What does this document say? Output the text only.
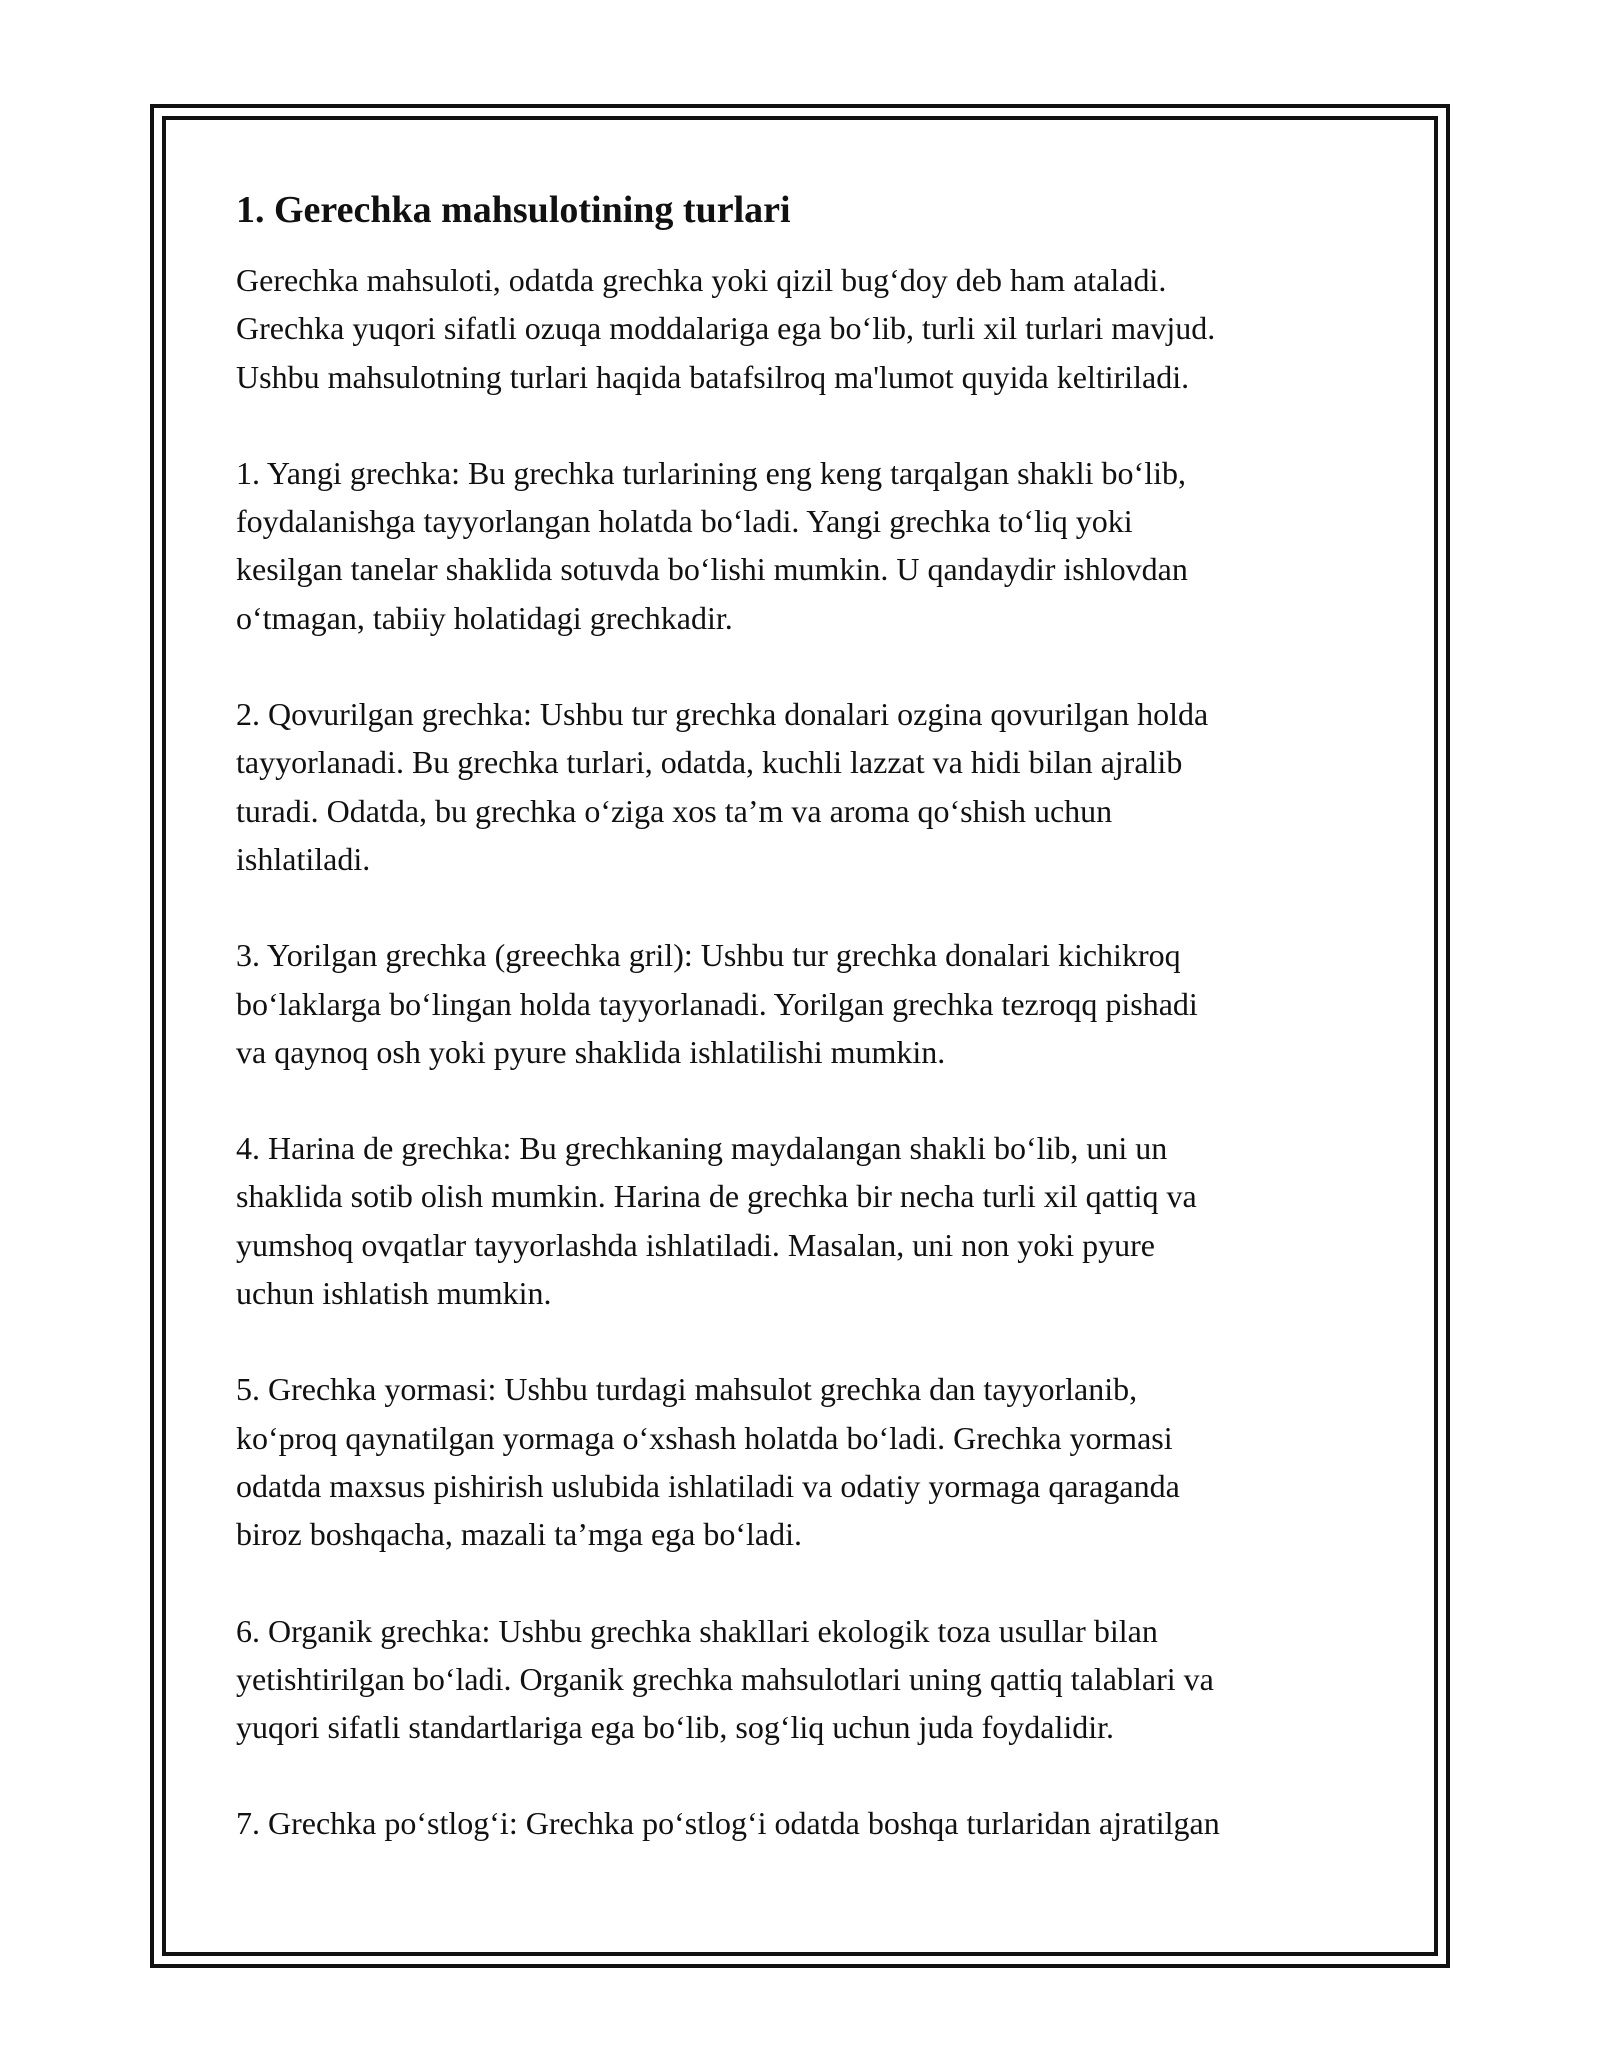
1. Gerechka mahsulotining turlari

Gerechka mahsuloti, odatda grechka yoki qizil bug‘doy deb ham ataladi.
Grechka yuqori sifatli ozuqa moddalariga ega bo‘lib, turli xil turlari mavjud.
Ushbu mahsulotning turlari haqida batafsilroq ma'lumot quyida keltiriladi.

1. Yangi grechka: Bu grechka turlarining eng keng tarqalgan shakli bo‘lib,
foydalanishga tayyorlangan holatda bo‘ladi. Yangi grechka to‘liq yoki
kesilgan tanelar shaklida sotuvda bo‘lishi mumkin. U qandaydir ishlovdan
o‘tmagan, tabiiy holatidagi grechkadir.

2. Qovurilgan grechka: Ushbu tur grechka donalari ozgina qovurilgan holda
tayyorlanadi. Bu grechka turlari, odatda, kuchli lazzat va hidi bilan ajralib
turadi. Odatda, bu grechka o‘ziga xos ta’m va aroma qo‘shish uchun
ishlatiladi.

3. Yorilgan grechka (greechka gril): Ushbu tur grechka donalari kichikroq
bo‘laklarga bo‘lingan holda tayyorlanadi. Yorilgan grechka tezroqq pishadi
va qaynoq osh yoki pyure shaklida ishlatilishi mumkin.

4. Harina de grechka: Bu grechkaning maydalangan shakli bo‘lib, uni un
shaklida sotib olish mumkin. Harina de grechka bir necha turli xil qattiq va
yumshoq ovqatlar tayyorlashda ishlatiladi. Masalan, uni non yoki pyure
uchun ishlatish mumkin.

5. Grechka yormasi: Ushbu turdagi mahsulot grechka dan tayyorlanib,
ko‘proq qaynatilgan yormaga o‘xshash holatda bo‘ladi. Grechka yormasi
odatda maxsus pishirish uslubida ishlatiladi va odatiy yormaga qaraganda
biroz boshqacha, mazali ta’mga ega bo‘ladi.

6. Organik grechka: Ushbu grechka shakllari ekologik toza usullar bilan
yetishtirilgan bo‘ladi. Organik grechka mahsulotlari uning qattiq talablari va
yuqori sifatli standartlariga ega bo‘lib, sog‘liq uchun juda foydalidir.

7. Grechka po‘stlog‘i: Grechka po‘stlog‘i odatda boshqa turlaridan ajratilgan
